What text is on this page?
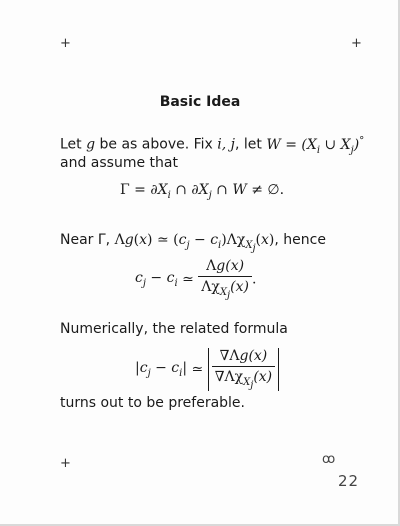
+	+
+
Basic Idea
Let g be as above. Fix i, j, let $W = (X_i$ ∪ $X_j)^\circ$
and assume that
$\Gamma = \partial X_i$ ∩ $\partial X_j$ ∩ W ≠ ∅.
Near Γ, Λg(x) ≃ $(c_j - c_i)\Lambda\chi_{X_j}(x)$, hence
$c_j - c_i$ ≃ $\frac{\Lambda g(x)}{\Lambda\chi_{X_j}(x)}$ .
Numerically, the related formula
$|c_j - c_i|$ ≃ $\frac{\nabla\Lambda g(x)}{\nabla\Lambda\chi_{X_j}(x)}$
turns out to be preferable.
ꝏ
22
